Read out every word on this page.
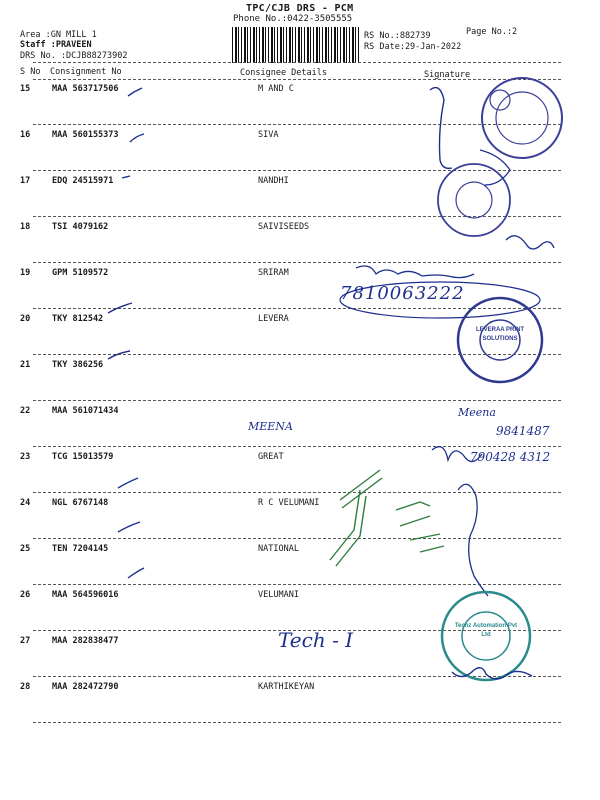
TPC/CJB DRS - PCM
Phone No.:0422-3505555
Area :GN MILL 1
Staff :PRAVEEN
DRS No. :DCJB88273902
RS No.:882739
RS Date:29-Jan-2022
Page No.:2
S No Consignment No	Consignee Details	Signature
15	MAA 563717506	M AND C
16	MAA 560155373	SIVA
17	EDQ 24515971	NANDHI
18	TSI 4079162	SAIVISEEDS
19	GPM 5109572	SRIRAM
20	TKY 812542	LEVERA
21	TKY 386256
22	MAA 561071434
23	TCG 15013579	GREAT
24	NGL 6767148	R C VELUMANI
25	TEN 7204145	NATIONAL
26	MAA 564596016	VELUMANI
27	MAA 282838477
28	MAA 282472790	KARTHIKEYAN
7810063222
MEENA
Meena
9841487
790428 4312
Tech - I
LEVERAA PRINT SOLUTIONS
Techz Automation Pvt Ltd
